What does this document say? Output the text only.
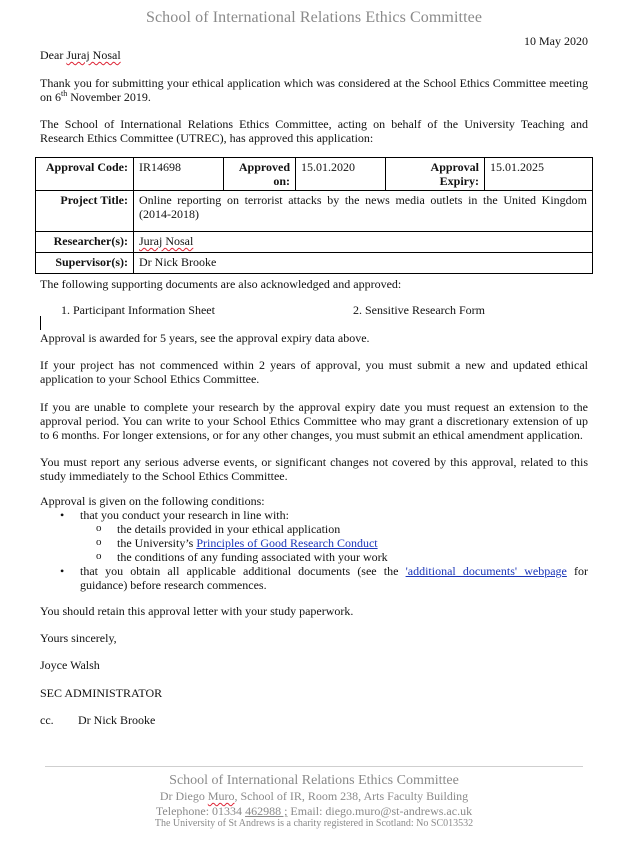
School of International Relations Ethics Committee
10 May 2020
Dear Juraj Nosal
Thank you for submitting your ethical application which was considered at the School Ethics Committee meeting on 6th November 2019.
The School of International Relations Ethics Committee, acting on behalf of the University Teaching and Research Ethics Committee (UTREC), has approved this application:
Approval Code:	IR14698	Approved on:	15.01.2020	Approval Expiry:	15.01.2025
Project Title:	Online reporting on terrorist attacks by the news media outlets in the United Kingdom (2014-2018)				
Researcher(s):	Juraj Nosal				
Supervisor(s):	Dr Nick Brooke				
The following supporting documents are also acknowledged and approved:
1. Participant Information Sheet	2. Sensitive Research Form
Approval is awarded for 5 years, see the approval expiry data above.
If your project has not commenced within 2 years of approval, you must submit a new and updated ethical application to your School Ethics Committee.
If you are unable to complete your research by the approval expiry date you must request an extension to the approval period. You can write to your School Ethics Committee who may grant a discretionary extension of up to 6 months. For longer extensions, or for any other changes, you must submit an ethical amendment application.
You must report any serious adverse events, or significant changes not covered by this approval, related to this study immediately to the School Ethics Committee.
Approval is given on the following conditions:
• that you conduct your research in line with:
o the details provided in your ethical application
o the University’s Principles of Good Research Conduct
o the conditions of any funding associated with your work
• that you obtain all applicable additional documents (see the 'additional documents' webpage for guidance) before research commences.
You should retain this approval letter with your study paperwork.
Yours sincerely,
Joyce Walsh
SEC ADMINISTRATOR
cc. Dr Nick Brooke
School of International Relations Ethics Committee
Dr Diego Muro, School of IR, Room 238, Arts Faculty Building
Telephone: 01334 462988 ; Email: diego.muro@st-andrews.ac.uk
The University of St Andrews is a charity registered in Scotland: No SC013532
